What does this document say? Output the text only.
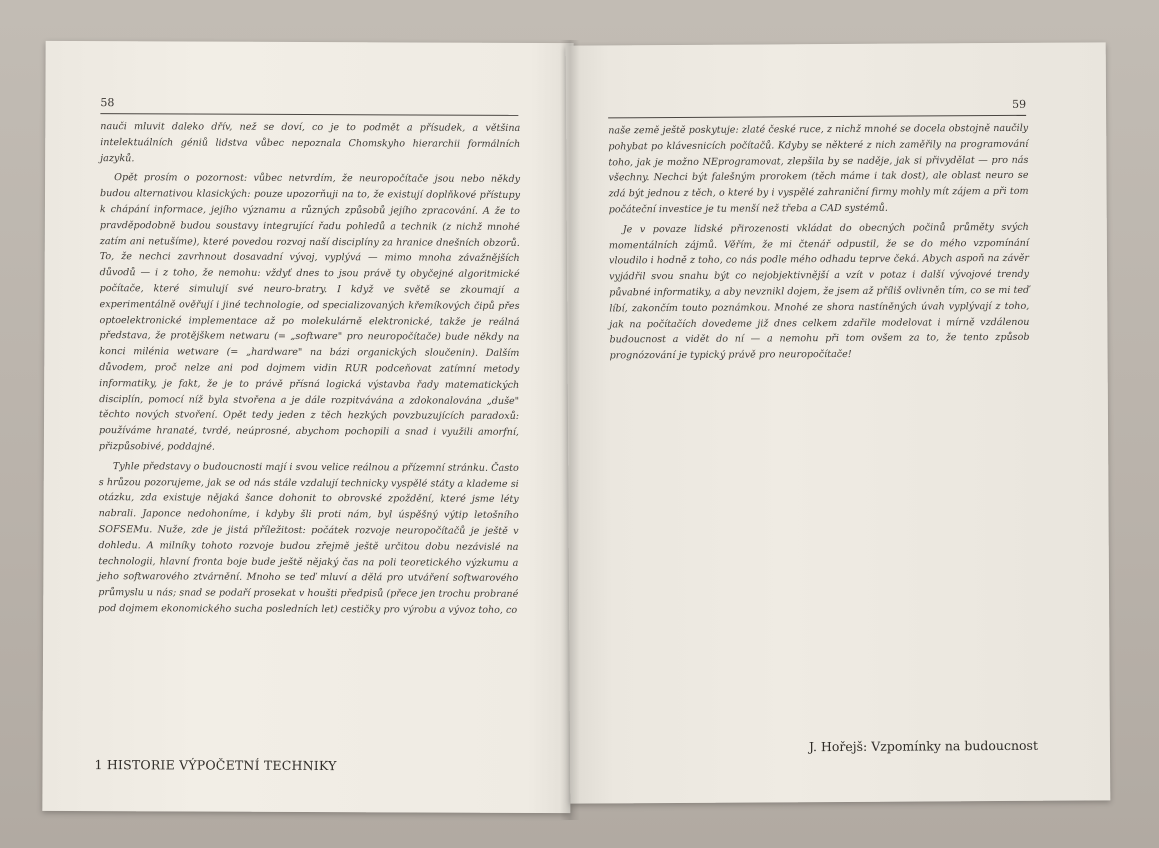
58

nauči mluvit daleko dřív, než se doví, co je to podmět a přísudek, a většina intelektuálních géniů lidstva vůbec nepoznala Chomskyho hierarchii formálních jazyků.

Opět prosím o pozornost: vůbec netvrdím, že neuropočítače jsou nebo někdy budou alternativou klasických: pouze upozorňuji na to, že existují doplňkové přístupy k chápání informace, jejího významu a různých způsobů jejího zpracování. A že to pravděpodobně budou soustavy integrující řadu pohledů a technik (z nichž mnohé zatím ani netušíme), které povedou rozvoj naší disciplíny za hranice dnešních obzorů. To, že nechci zavrhnout dosavadní vývoj, vyplývá — mimo mnoha závažnějších důvodů — i z toho, že nemohu: vždyť dnes to jsou právě ty obyčejné algoritmické počítače, které simulují své neuro-bratry. I když ve světě se zkoumají a experimentálně ověřují i jiné technologie, od specializovaných křemíkových čipů přes optoelektronické implementace až po molekulárně elektronické, takže je reálná představa, že protějškem netwaru (= „software" pro neuropočítače) bude někdy na konci milénia wetware (= „hardware" na bázi organických sloučenin). Dalším důvodem, proč nelze ani pod dojmem vidin RUR podceňovat zatímní metody informatiky, je fakt, že je to právě přísná logická výstavba řady matematických disciplín, pomocí níž byla stvořena a je dále rozpitvávána a zdokonalována „duše" těchto nových stvoření. Opět tedy jeden z těch hezkých povzbuzujících paradoxů: používáme hranaté, tvrdé, neúprosné, abychom pochopili a snad i využili amorfní, přizpůsobivé, poddajné.

Tyhle představy o budoucnosti mají i svou velice reálnou a přízemní stránku. Často s hrůzou pozorujeme, jak se od nás stále vzdalují technicky vyspělé státy a klademe si otázku, zda existuje nějaká šance dohonit to obrovské zpoždění, které jsme léty nabrali. Japonce nedohoníme, i kdyby šli proti nám, byl úspěšný výtip letošního SOFSEMu. Nuže, zde je jistá příležitost: počátek rozvoje neuropočítačů je ještě v dohledu. A milníky tohoto rozvoje budou zřejmě ještě určitou dobu nezávislé na technologii, hlavní fronta boje bude ještě nějaký čas na poli teoretického výzkumu a jeho softwarového ztvárnění. Mnoho se teď mluví a dělá pro utváření softwarového průmyslu u nás; snad se podaří prosekat v houšti předpisů (přece jen trochu probrané pod dojmem ekonomického sucha posledních let) cestičky pro výrobu a vývoz toho, co

1 HISTORIE VÝPOČETNÍ TECHNIKY
59

naše země ještě poskytuje: zlaté české ruce, z nichž mnohé se docela obstojně naučily pohybat po klávesnicích počítačů. Kdyby se některé z nich zaměřily na programování toho, jak je možno NEprogramovat, zlepšila by se naděje, jak si přivydělat — pro nás všechny. Nechci být falešným prorokem (těch máme i tak dost), ale oblast neuro se zdá být jednou z těch, o které by i vyspělé zahraniční firmy mohly mít zájem a při tom počáteční investice je tu menší než třeba a CAD systémů.

Je v povaze lidské přirozenosti vkládat do obecných počinů průměty svých momentálních zájmů. Věřím, že mi čtenář odpustil, že se do mého vzpomínání vloudilo i hodně z toho, co nás podle mého odhadu teprve čeká. Abych aspoň na závěr vyjádřil svou snahu být co nejobjektivnější a vzít v potaz i další vývojové trendy půvabné informatiky, a aby nevznikl dojem, že jsem až příliš ovlivněn tím, co se mi teď líbí, zakončím touto poznámkou. Mnohé ze shora nastíněných úvah vyplývají z toho, jak na počítačích dovedeme již dnes celkem zdařile modelovat i mírně vzdálenou budoucnost a vidět do ní — a nemohu při tom ovšem za to, že tento způsob prognózování je typický právě pro neuropočítače!

J. Hořejš: Vzpomínky na budoucnost
